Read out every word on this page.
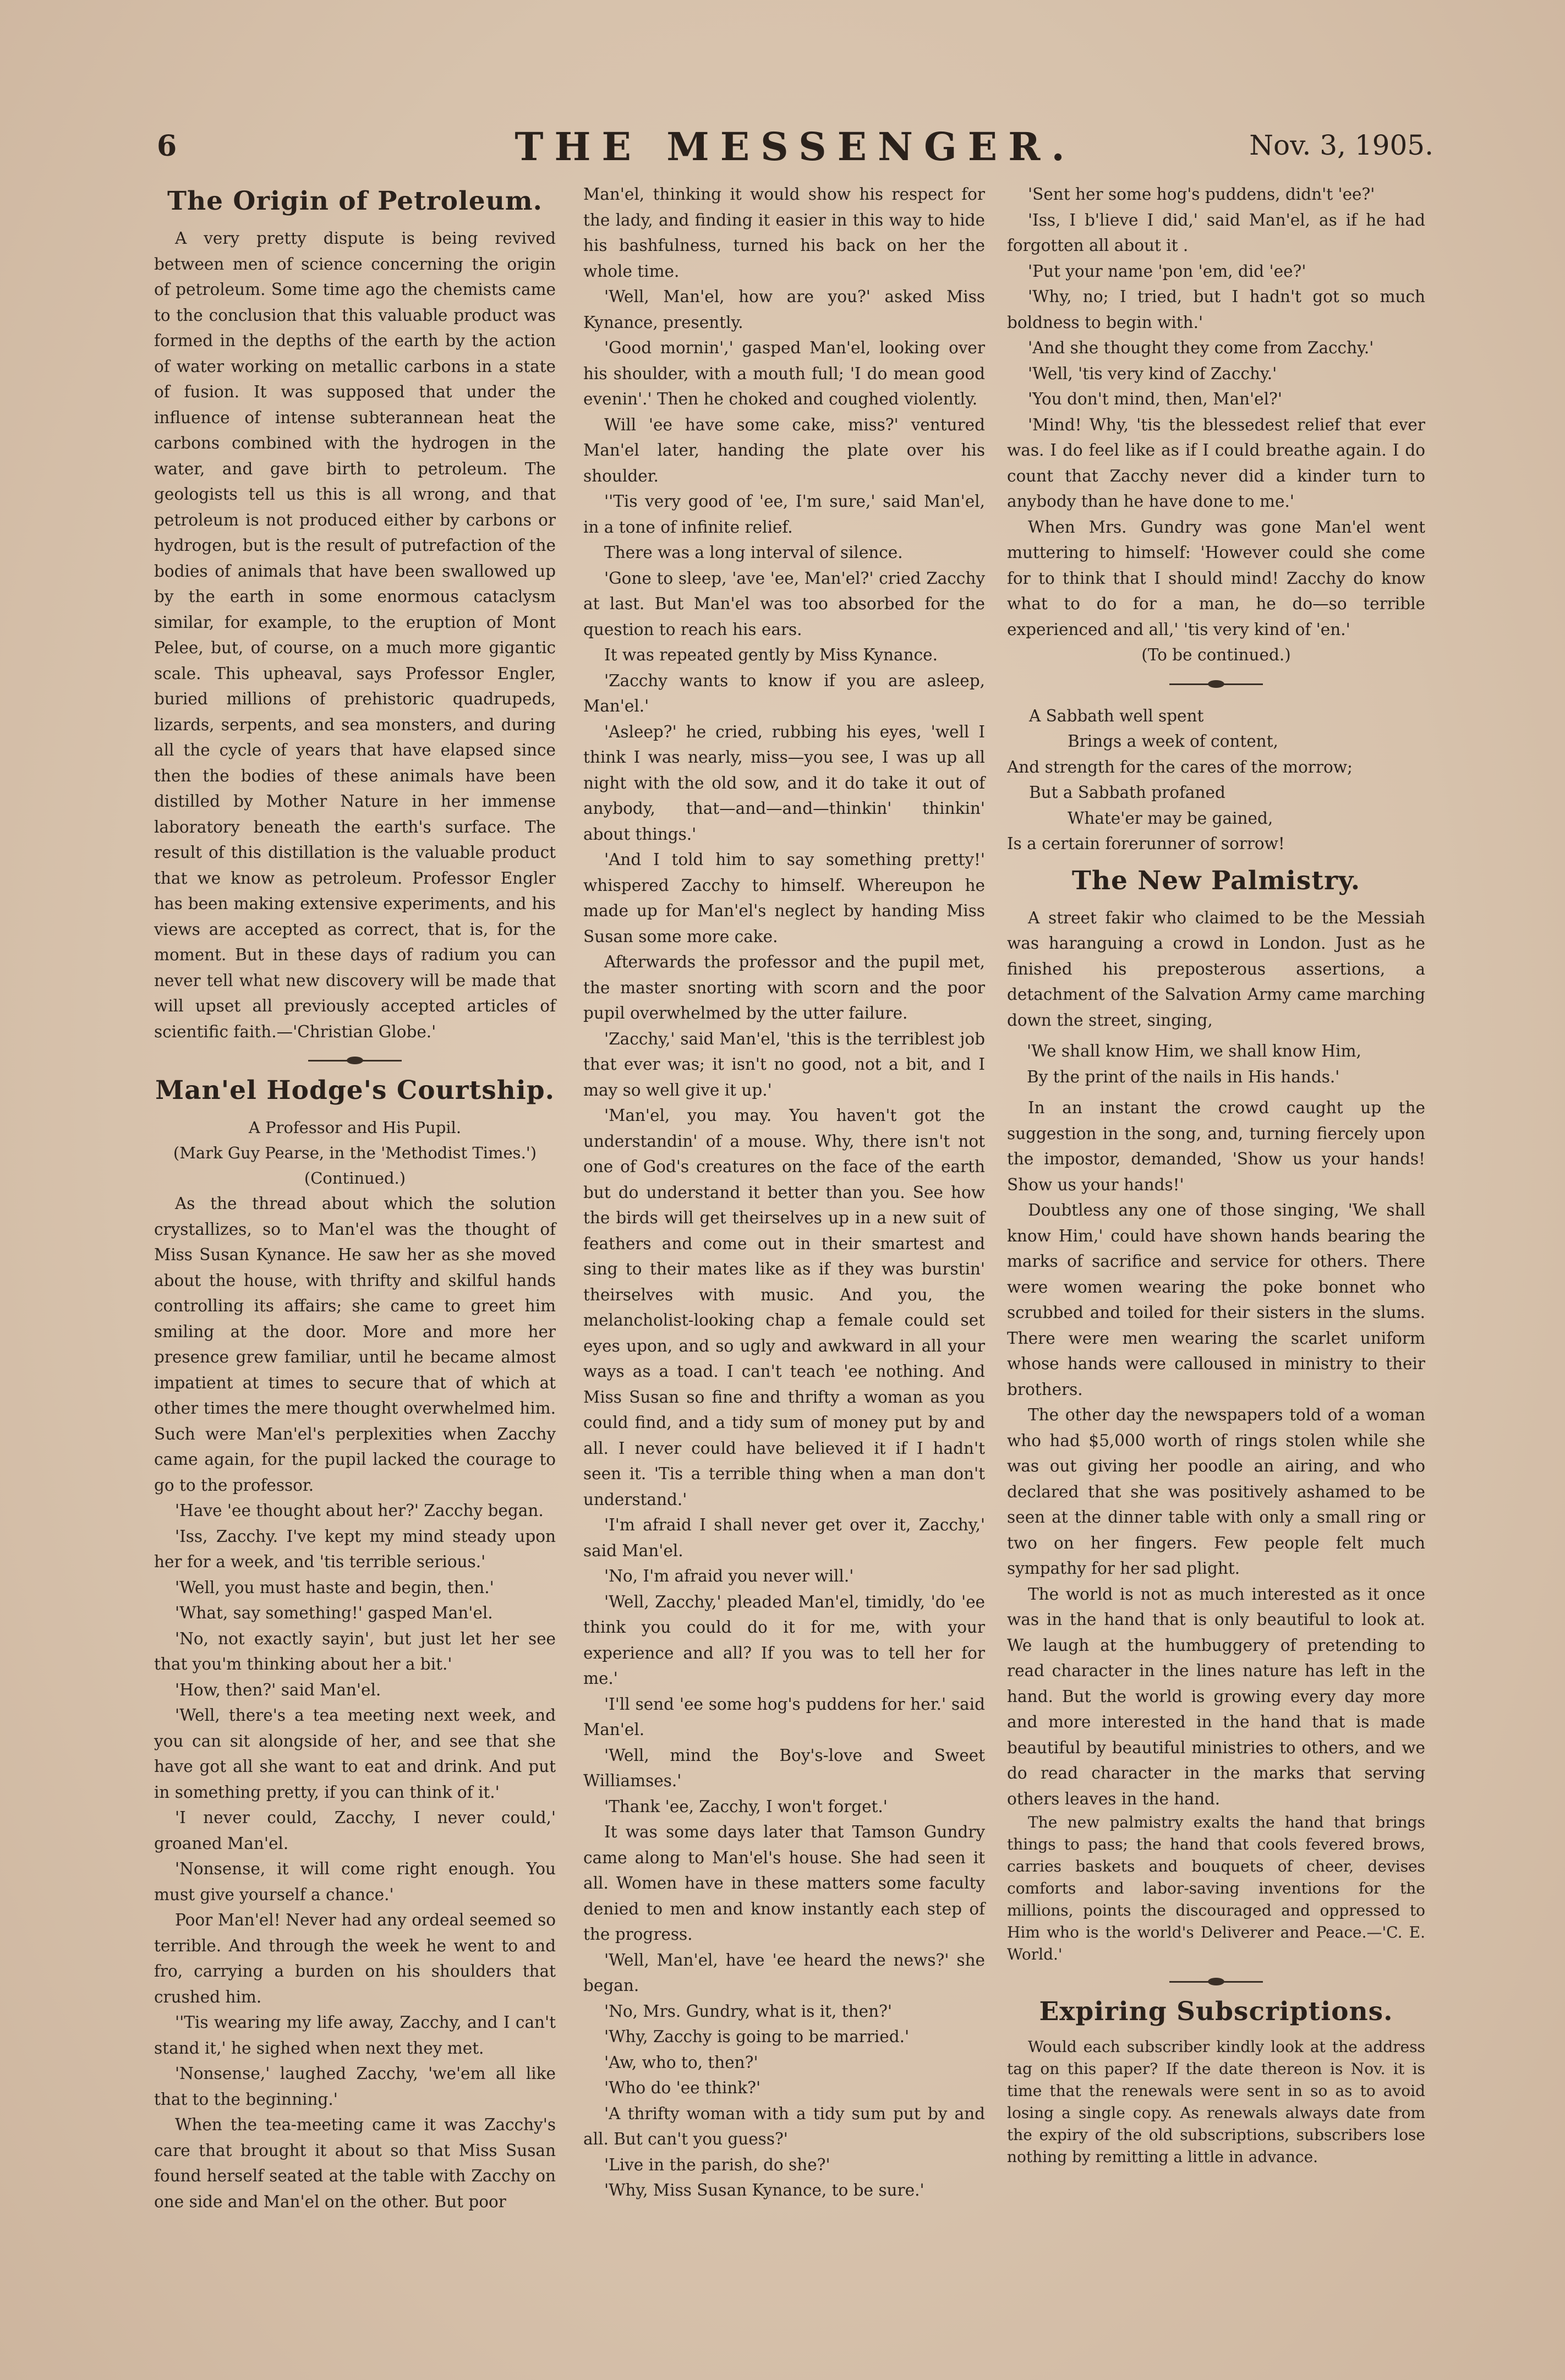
6	THE MESSENGER.	Nov. 3, 1905.
The Origin of Petroleum.

A very pretty dispute is being revived between men of science concerning the origin of petroleum. Some time ago the chemists came to the conclusion that this valuable product was formed in the depths of the earth by the action of water working on metallic carbons in a state of fusion. It was supposed that under the influence of intense subterannean heat the carbons combined with the hydrogen in the water, and gave birth to petroleum. The geologists tell us this is all wrong, and that petroleum is not produced either by carbons or hydrogen, but is the result of putrefaction of the bodies of animals that have been swallowed up by the earth in some enormous cataclysm similar, for example, to the eruption of Mont Pelee, but, of course, on a much more gigantic scale. This upheaval, says Professor Engler, buried millions of prehistoric quadrupeds, lizards, serpents, and sea monsters, and during all the cycle of years that have elapsed since then the bodies of these animals have been distilled by Mother Nature in her immense laboratory beneath the earth's surface. The result of this distillation is the valuable product that we know as petroleum. Professor Engler has been making extensive experiments, and his views are accepted as correct, that is, for the moment. But in these days of radium you can never tell what new discovery will be made that will upset all previously accepted articles of scientific faith.—'Christian Globe.'

Man'el Hodge's Courtship.
A Professor and His Pupil.
(Mark Guy Pearse, in the 'Methodist Times.')
(Continued.)

As the thread about which the solution crystallizes, so to Man'el was the thought of Miss Susan Kynance. He saw her as she moved about the house, with thrifty and skilful hands controlling its affairs; she came to greet him smiling at the door. More and more her presence grew familiar, until he became almost impatient at times to secure that of which at other times the mere thought overwhelmed him. Such were Man'el's perplexities when Zacchy came again, for the pupil lacked the courage to go to the professor.

'Have 'ee thought about her?' Zacchy began.

'Iss, Zacchy. I've kept my mind steady upon her for a week, and 'tis terrible serious.'

'Well, you must haste and begin, then.'

'What, say something!' gasped Man'el.

'No, not exactly sayin', but just let her see that you'm thinking about her a bit.'

'How, then?' said Man'el.

'Well, there's a tea meeting next week, and you can sit alongside of her, and see that she have got all she want to eat and drink. And put in something pretty, if you can think of it.'

'I never could, Zacchy, I never could,' groaned Man'el.

'Nonsense, it will come right enough. You must give yourself a chance.'

Poor Man'el! Never had any ordeal seemed so terrible. And through the week he went to and fro, carrying a burden on his shoulders that crushed him.

''Tis wearing my life away, Zacchy, and I can't stand it,' he sighed when next they met.

'Nonsense,' laughed Zacchy, 'we'em all like that to the beginning.'

When the tea-meeting came it was Zacchy's care that brought it about so that Miss Susan found herself seated at the table with Zacchy on one side and Man'el on the other. But poor

Man'el, thinking it would show his respect for the lady, and finding it easier in this way to hide his bashfulness, turned his back on her the whole time.

'Well, Man'el, how are you?' asked Miss Kynance, presently.

'Good mornin',' gasped Man'el, looking over his shoulder, with a mouth full; 'I do mean good evenin'.' Then he choked and coughed violently.

Will 'ee have some cake, miss?' ventured Man'el later, handing the plate over his shoulder.

''Tis very good of 'ee, I'm sure,' said Man'el, in a tone of infinite relief.

There was a long interval of silence.

'Gone to sleep, 'ave 'ee, Man'el?' cried Zacchy at last. But Man'el was too absorbed for the question to reach his ears.

It was repeated gently by Miss Kynance.

'Zacchy wants to know if you are asleep, Man'el.'

'Asleep?' he cried, rubbing his eyes, 'well I think I was nearly, miss—you see, I was up all night with the old sow, and it do take it out of anybody, that—and—and—thinkin' thinkin' about things.'

'And I told him to say something pretty!' whispered Zacchy to himself. Whereupon he made up for Man'el's neglect by handing Miss Susan some more cake.

Afterwards the professor and the pupil met, the master snorting with scorn and the poor pupil overwhelmed by the utter failure.

'Zacchy,' said Man'el, 'this is the terriblest job that ever was; it isn't no good, not a bit, and I may so well give it up.'

'Man'el, you may. You haven't got the understandin' of a mouse. Why, there isn't not one of God's creatures on the face of the earth but do understand it better than you. See how the birds will get theirselves up in a new suit of feathers and come out in their smartest and sing to their mates like as if they was burstin' theirselves with music. And you, the melancholist-looking chap a female could set eyes upon, and so ugly and awkward in all your ways as a toad. I can't teach 'ee nothing. And Miss Susan so fine and thrifty a woman as you could find, and a tidy sum of money put by and all. I never could have believed it if I hadn't seen it. 'Tis a terrible thing when a man don't understand.'

'I'm afraid I shall never get over it, Zacchy,' said Man'el.

'No, I'm afraid you never will.'

'Well, Zacchy,' pleaded Man'el, timidly, 'do 'ee think you could do it for me, with your experience and all? If you was to tell her for me.'

'I'll send 'ee some hog's puddens for her.' said Man'el.

'Well, mind the Boy's-love and Sweet Williamses.'

'Thank 'ee, Zacchy, I won't forget.'

It was some days later that Tamson Gundry came along to Man'el's house. She had seen it all. Women have in these matters some faculty denied to men and know instantly each step of the progress.

'Well, Man'el, have 'ee heard the news?' she began.

'No, Mrs. Gundry, what is it, then?'

'Why, Zacchy is going to be married.'

'Aw, who to, then?'

'Who do 'ee think?'

'A thrifty woman with a tidy sum put by and all. But can't you guess?'

'Live in the parish, do she?'

'Why, Miss Susan Kynance, to be sure.'

'Sent her some hog's puddens, didn't 'ee?'

'Iss, I b'lieve I did,' said Man'el, as if he had forgotten all about it .

'Put your name 'pon 'em, did 'ee?'

'Why, no; I tried, but I hadn't got so much boldness to begin with.'

'And she thought they come from Zacchy.'

'Well, 'tis very kind of Zacchy.'

'You don't mind, then, Man'el?'

'Mind! Why, 'tis the blessedest relief that ever was. I do feel like as if I could breathe again. I do count that Zacchy never did a kinder turn to anybody than he have done to me.'

When Mrs. Gundry was gone Man'el went muttering to himself: 'However could she come for to think that I should mind! Zacchy do know what to do for a man, he do—so terrible experienced and all,' 'tis very kind of 'en.'

(To be continued.)
A Sabbath well spent
Brings a week of content,
And strength for the cares of the morrow;
But a Sabbath profaned
Whate'er may be gained,
Is a certain forerunner of sorrow!
The New Palmistry.

A street fakir who claimed to be the Messiah was haranguing a crowd in London. Just as he finished his preposterous assertions, a detachment of the Salvation Army came marching down the street, singing,

'We shall know Him, we shall know Him,
By the print of the nails in His hands.'

In an instant the crowd caught up the suggestion in the song, and, turning fiercely upon the impostor, demanded, 'Show us your hands! Show us your hands!'

Doubtless any one of those singing, 'We shall know Him,' could have shown hands bearing the marks of sacrifice and service for others. There were women wearing the poke bonnet who scrubbed and toiled for their sisters in the slums. There were men wearing the scarlet uniform whose hands were calloused in ministry to their brothers.

The other day the newspapers told of a woman who had $5,000 worth of rings stolen while she was out giving her poodle an airing, and who declared that she was positively ashamed to be seen at the dinner table with only a small ring or two on her fingers. Few people felt much sympathy for her sad plight.

The world is not as much interested as it once was in the hand that is only beautiful to look at. We laugh at the humbuggery of pretending to read character in the lines nature has left in the hand. But the world is growing every day more and more interested in the hand that is made beautiful by beautiful ministries to others, and we do read character in the marks that serving others leaves in the hand.

The new palmistry exalts the hand that brings things to pass; the hand that cools fevered brows, carries baskets and bouquets of cheer, devises comforts and labor-saving inventions for the millions, points the discouraged and oppressed to Him who is the world's Deliverer and Peace.—'C. E. World.'

Expiring Subscriptions.

Would each subscriber kindly look at the address tag on this paper? If the date thereon is Nov. it is time that the renewals were sent in so as to avoid losing a single copy. As renewals always date from the expiry of the old subscriptions, subscribers lose nothing by remitting a little in advance.
